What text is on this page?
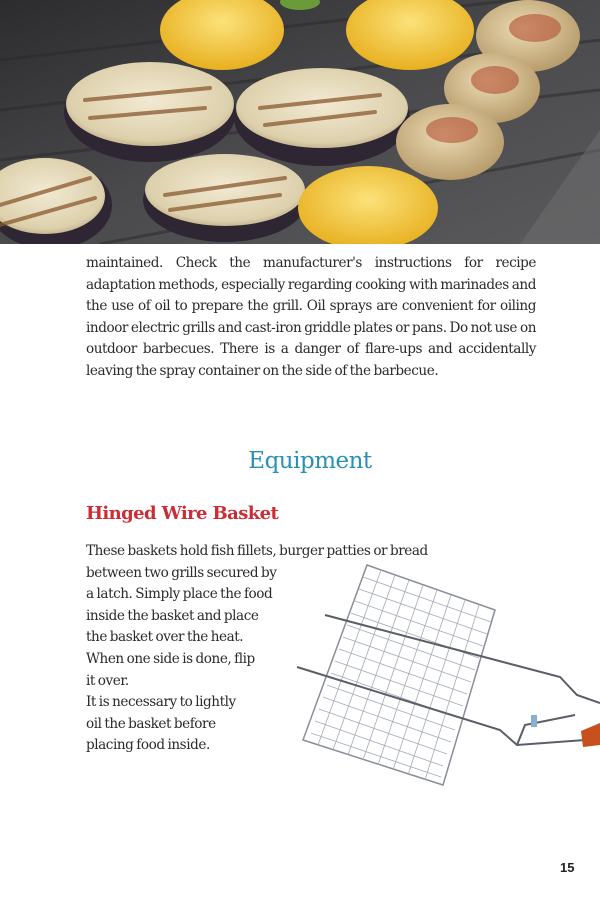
maintained. Check the manufacturer's instructions for recipe adaptation methods, especially regarding cooking with marinades and the use of oil to prepare the grill. Oil sprays are convenient for oiling indoor electric grills and cast-iron griddle plates or pans. Do not use on outdoor barbecues. There is a danger of flare-ups and accidentally leaving the spray container on the side of the barbecue.

Equipment
Hinged Wire Basket
These baskets hold fish fillets, burger patties or bread
between two grills secured by
a latch. Simply place the food
inside the basket and place
the basket over the heat.
When one side is done, flip
it over.
It is necessary to lightly
oil the basket before
placing food inside.
15
